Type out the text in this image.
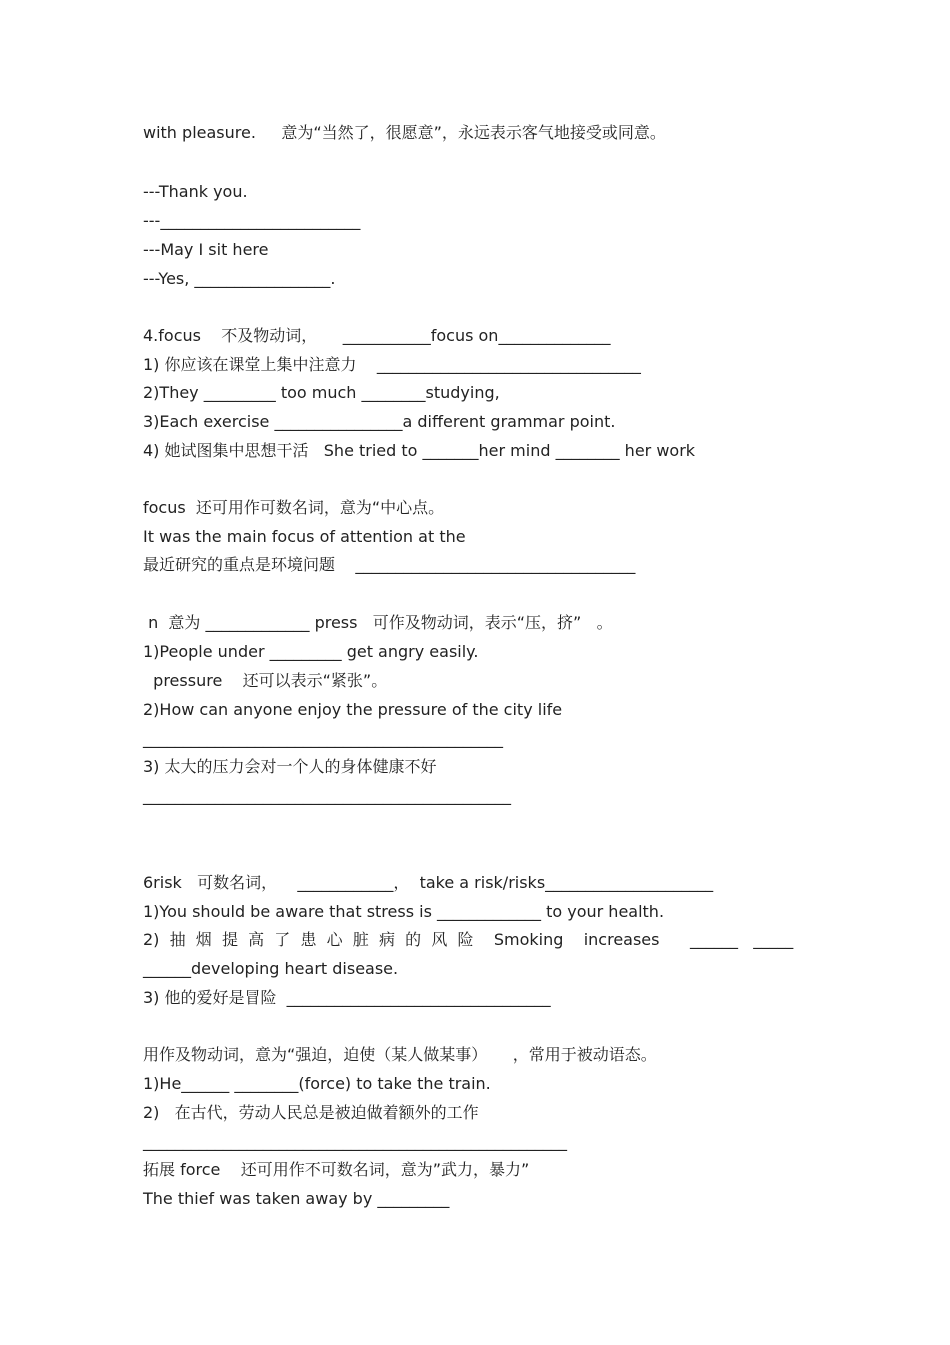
with pleasure.     意为“当然了，很愿意”，永远表示客气地接受或同意。
---Thank you.
---_________________________
---May I sit here
---Yes, _________________.
4.focus    不及物动词，     ___________focus on______________
1) 你应该在课堂上集中注意力    _________________________________
2)They _________ too much ________studying,
3)Each exercise ________________a different grammar point.
4) 她试图集中思想干活   She tried to _______her mind ________ her work
focus  还可用作可数名词，意为“中心点。
It was the main focus of attention at the
最近研究的重点是环境问题    ___________________________________
n  意为 _____________ press   可作及物动词，表示“压，挤”   。
1)People under _________ get angry easily.
pressure    还可以表示“紧张”。
2)How can anyone enjoy the pressure of the city life
_____________________________________________
3) 太大的压力会对一个人的身体健康不好
______________________________________________
6risk   可数名词，    ____________，  take a risk/risks_____________________
1)You should be aware that stress is _____________ to your health.
2)  抽  烟  提  高  了  患  心  脏  病  的  风  险    Smoking    increases      ______   _____
______developing heart disease.
3) 他的爱好是冒险  _________________________________
用作及物动词，意为“强迫，迫使（某人做某事）     ，常用于被动语态。
1)He______ ________(force) to take the train.
2)   在古代，劳动人民总是被迫做着额外的工作
_____________________________________________________
拓展 force    还可用作不可数名词，意为”武力，暴力”
The thief was taken away by _________
